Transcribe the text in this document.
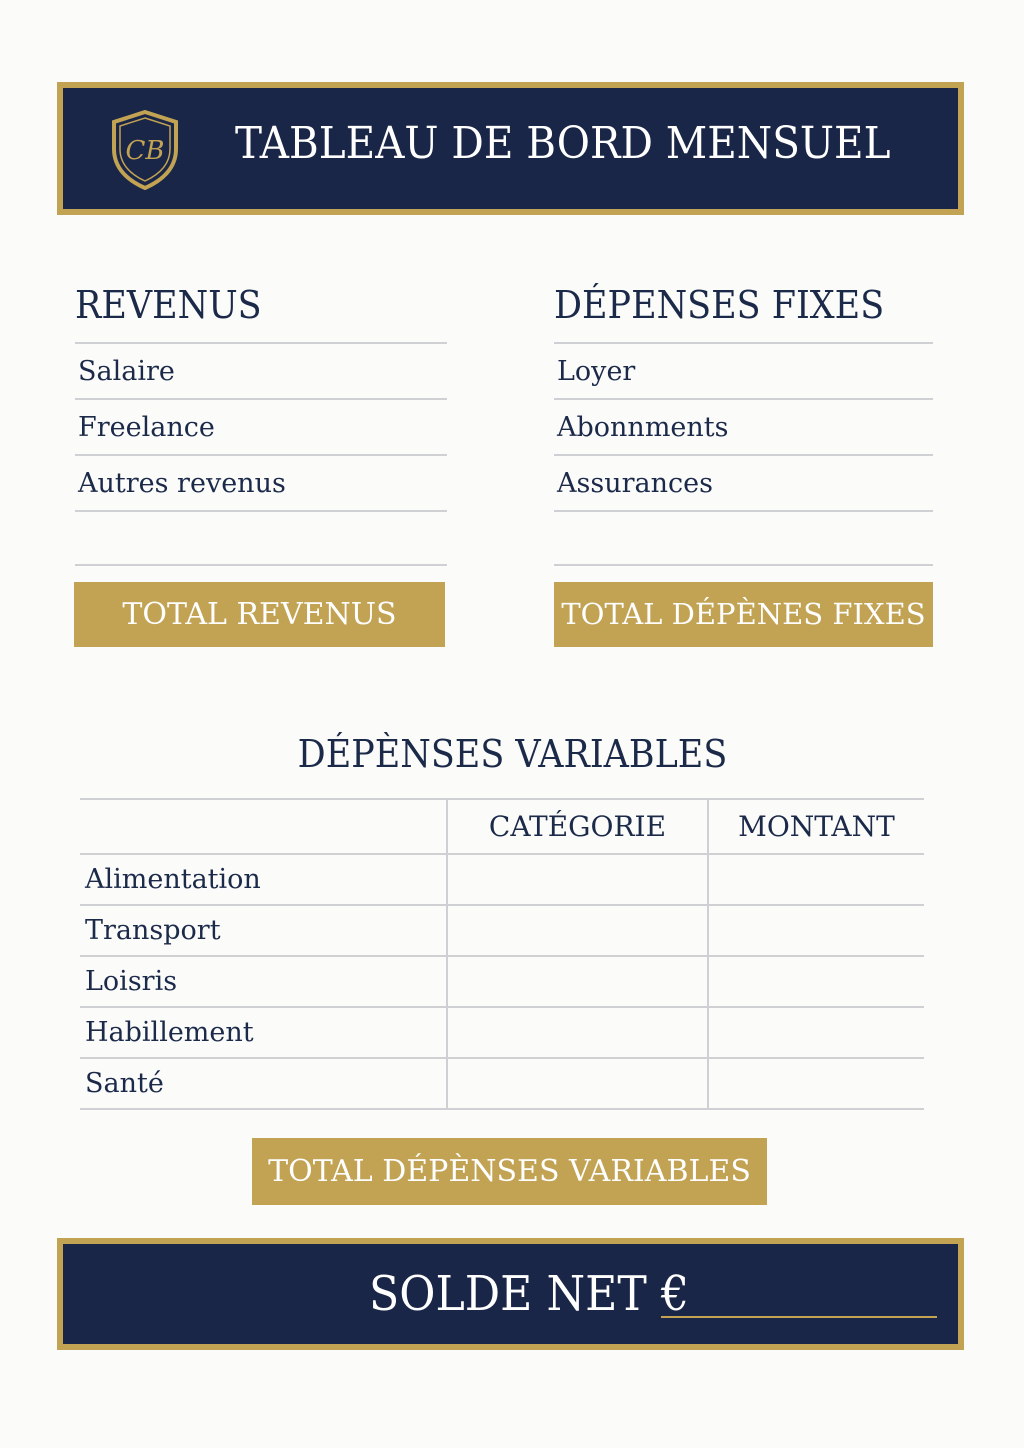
CB TABLEAU DE BORD MENSUEL
REVENUS
Salaire
Freelance
Autres revenus
TOTAL REVENUS
DÉPENSES FIXES
Loyer
Abonnments
Assurances
TOTAL DÉPÈNES FIXES
DÉPÈNSES VARIABLES
	CATÉGORIE	MONTANT
Alimentation		
Transport		
Loisris		
Habillement		
Santé		
TOTAL DÉPÈNSES VARIABLES
SOLDE NET €
